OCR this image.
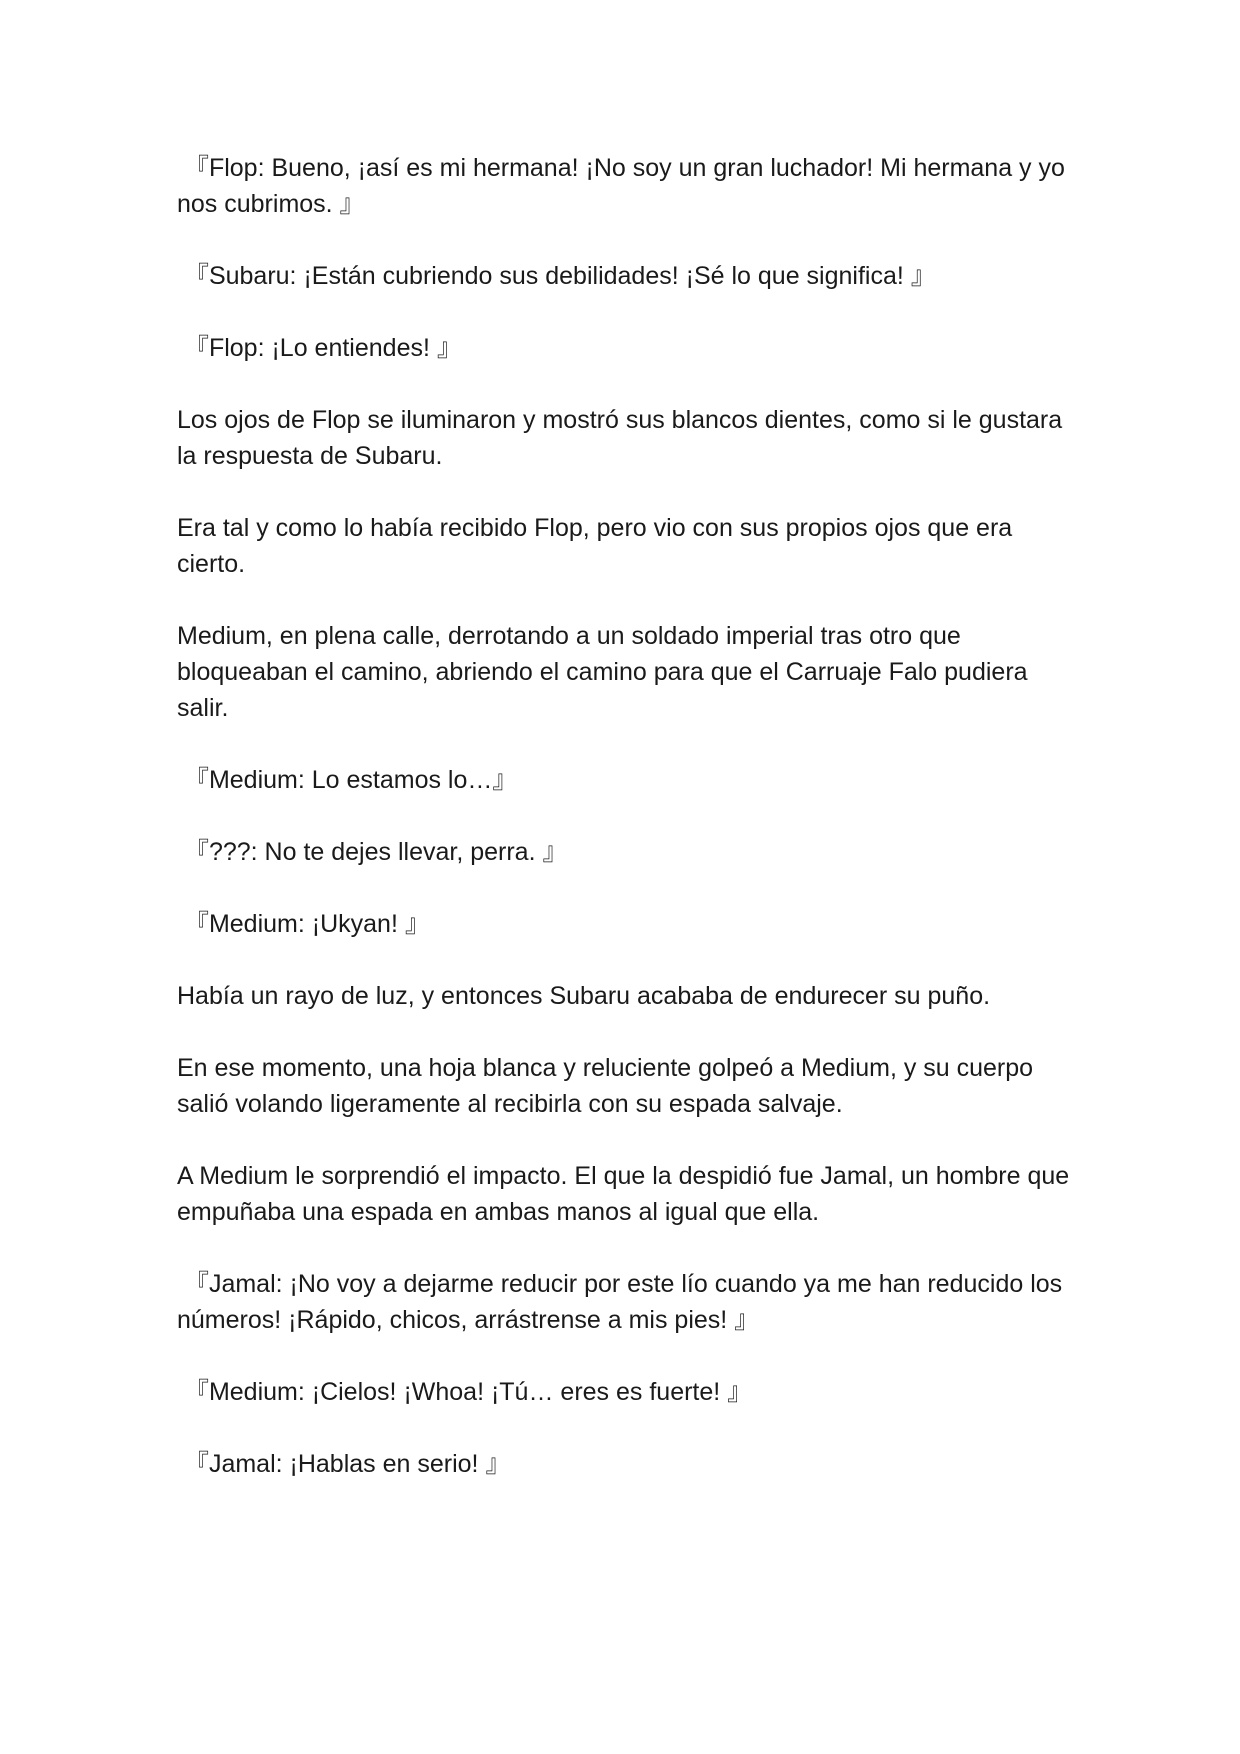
『Flop: Bueno, ¡así es mi hermana! ¡No soy un gran luchador! Mi hermana y yo nos cubrimos. 』

『Subaru: ¡Están cubriendo sus debilidades! ¡Sé lo que significa! 』

『Flop: ¡Lo entiendes! 』

Los ojos de Flop se iluminaron y mostró sus blancos dientes, como si le gustara la respuesta de Subaru.

Era tal y como lo había recibido Flop, pero vio con sus propios ojos que era cierto.

Medium, en plena calle, derrotando a un soldado imperial tras otro que bloqueaban el camino, abriendo el camino para que el Carruaje Falo pudiera salir.

『Medium: Lo estamos lo…』

『???: No te dejes llevar, perra. 』

『Medium: ¡Ukyan! 』

Había un rayo de luz, y entonces Subaru acababa de endurecer su puño.

En ese momento, una hoja blanca y reluciente golpeó a Medium, y su cuerpo salió volando ligeramente al recibirla con su espada salvaje.

A Medium le sorprendió el impacto. El que la despidió fue Jamal, un hombre que empuñaba una espada en ambas manos al igual que ella.

『Jamal: ¡No voy a dejarme reducir por este lío cuando ya me han reducido los números! ¡Rápido, chicos, arrástrense a mis pies! 』

『Medium: ¡Cielos! ¡Whoa! ¡Tú… eres es fuerte! 』

『Jamal: ¡Hablas en serio! 』
